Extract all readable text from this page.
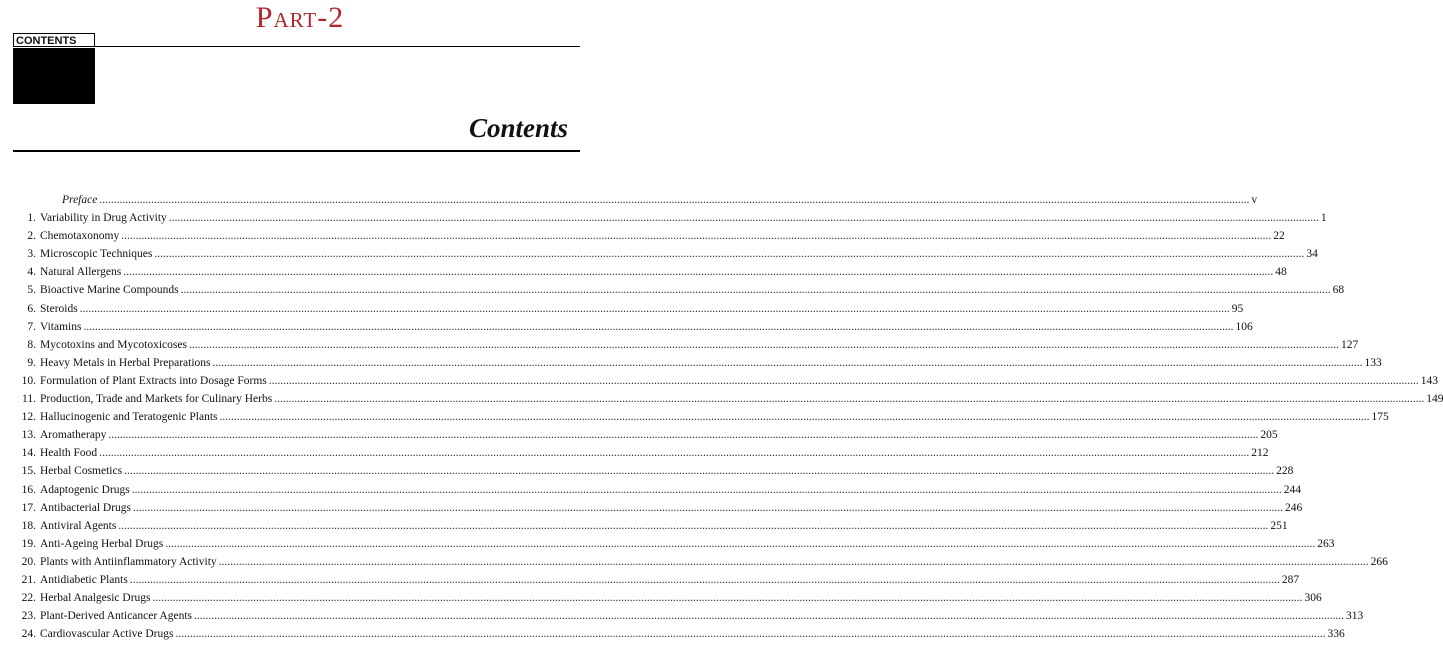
Part-2
CONTENTS
Contents
Preface ................................................................................................................................................................................................................................................................................................................................................................................................................ v
1. Variability in Drug Activity ................................................................................................................................................................................................................................................................................................................................................................................................................ 1
2. Chemotaxonomy ................................................................................................................................................................................................................................................................................................................................................................................................................ 22
3. Microscopic Techniques ................................................................................................................................................................................................................................................................................................................................................................................................................ 34
4. Natural Allergens ................................................................................................................................................................................................................................................................................................................................................................................................................ 48
5. Bioactive Marine Compounds ................................................................................................................................................................................................................................................................................................................................................................................................................ 68
6. Steroids ................................................................................................................................................................................................................................................................................................................................................................................................................ 95
7. Vitamins ................................................................................................................................................................................................................................................................................................................................................................................................................ 106
8. Mycotoxins and Mycotoxicoses ................................................................................................................................................................................................................................................................................................................................................................................................................ 127
9. Heavy Metals in Herbal Preparations ................................................................................................................................................................................................................................................................................................................................................................................................................ 133
10. Formulation of Plant Extracts into Dosage Forms ................................................................................................................................................................................................................................................................................................................................................................................................................ 143
11. Production, Trade and Markets for Culinary Herbs ................................................................................................................................................................................................................................................................................................................................................................................................................ 149
12. Hallucinogenic and Teratogenic Plants ................................................................................................................................................................................................................................................................................................................................................................................................................ 175
13. Aromatherapy ................................................................................................................................................................................................................................................................................................................................................................................................................ 205
14. Health Food ................................................................................................................................................................................................................................................................................................................................................................................................................ 212
15. Herbal Cosmetics ................................................................................................................................................................................................................................................................................................................................................................................................................ 228
16. Adaptogenic Drugs ................................................................................................................................................................................................................................................................................................................................................................................................................ 244
17. Antibacterial Drugs ................................................................................................................................................................................................................................................................................................................................................................................................................ 246
18. Antiviral Agents ................................................................................................................................................................................................................................................................................................................................................................................................................ 251
19. Anti-Ageing Herbal Drugs ................................................................................................................................................................................................................................................................................................................................................................................................................ 263
20. Plants with Antiinflammatory Activity ................................................................................................................................................................................................................................................................................................................................................................................................................ 266
21. Antidiabetic Plants ................................................................................................................................................................................................................................................................................................................................................................................................................ 287
22. Herbal Analgesic Drugs ................................................................................................................................................................................................................................................................................................................................................................................................................ 306
23. Plant-Derived Anticancer Agents ................................................................................................................................................................................................................................................................................................................................................................................................................ 313
24. Cardiovascular Active Drugs ................................................................................................................................................................................................................................................................................................................................................................................................................ 336
